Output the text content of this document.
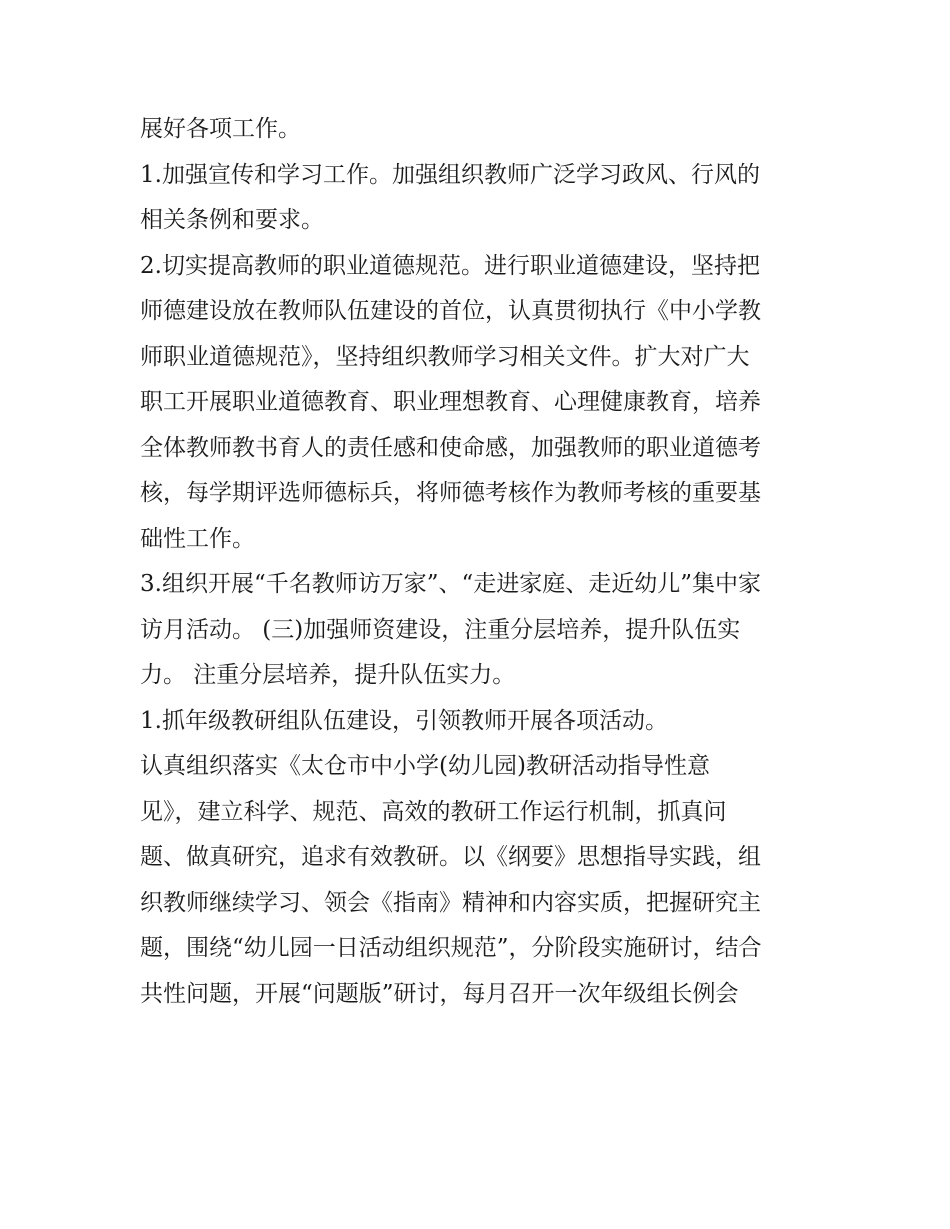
展好各项工作。
1.加强宣传和学习工作。加强组织教师广泛学习政风、行风的
相关条例和要求。
2.切实提高教师的职业道德规范。进行职业道德建设，坚持把
师德建设放在教师队伍建设的首位，认真贯彻执行《中小学教
师职业道德规范》，坚持组织教师学习相关文件。扩大对广大
职工开展职业道德教育、职业理想教育、心理健康教育，培养
全体教师教书育人的责任感和使命感，加强教师的职业道德考
核，每学期评选师德标兵，将师德考核作为教师考核的重要基
础性工作。
3.组织开展“千名教师访万家”、“走进家庭、走近幼儿”集中家
访月活动。 (三)加强师资建设，注重分层培养，提升队伍实
力。 注重分层培养，提升队伍实力。
1.抓年级教研组队伍建设，引领教师开展各项活动。
认真组织落实《太仓市中小学(幼儿园)教研活动指导性意
见》，建立科学、规范、高效的教研工作运行机制，抓真问
题、做真研究，追求有效教研。以《纲要》思想指导实践，组
织教师继续学习、领会《指南》精神和内容实质，把握研究主
题，围绕“幼儿园一日活动组织规范”，分阶段实施研讨，结合
共性问题，开展“问题版”研讨，每月召开一次年级组长例会
